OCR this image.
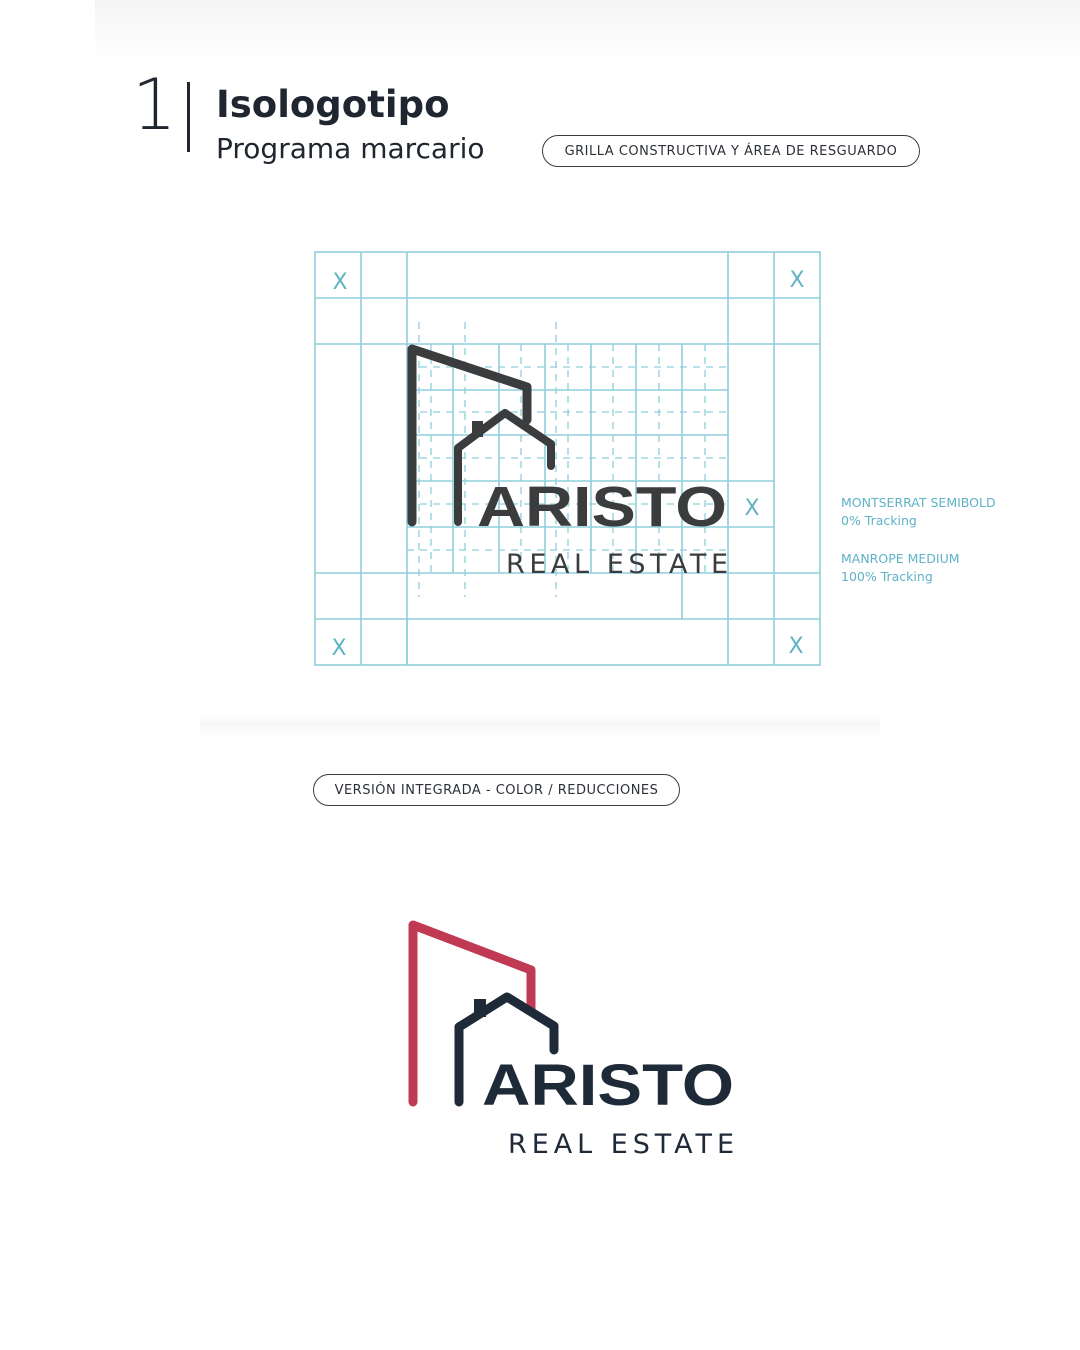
1 Isologotipo
Programa marcario	GRILLA CONSTRUCTIVA Y ÁREA DE RESGUARDO
X	X
X	X
X
ARISTO
REAL ESTATE
ARISTO
REAL ESTATE
MONTSERRAT SEMIBOLD
0% Tracking
MANROPE MEDIUM
100% Tracking
VERSIÓN INTEGRADA - COLOR / REDUCCIONES
